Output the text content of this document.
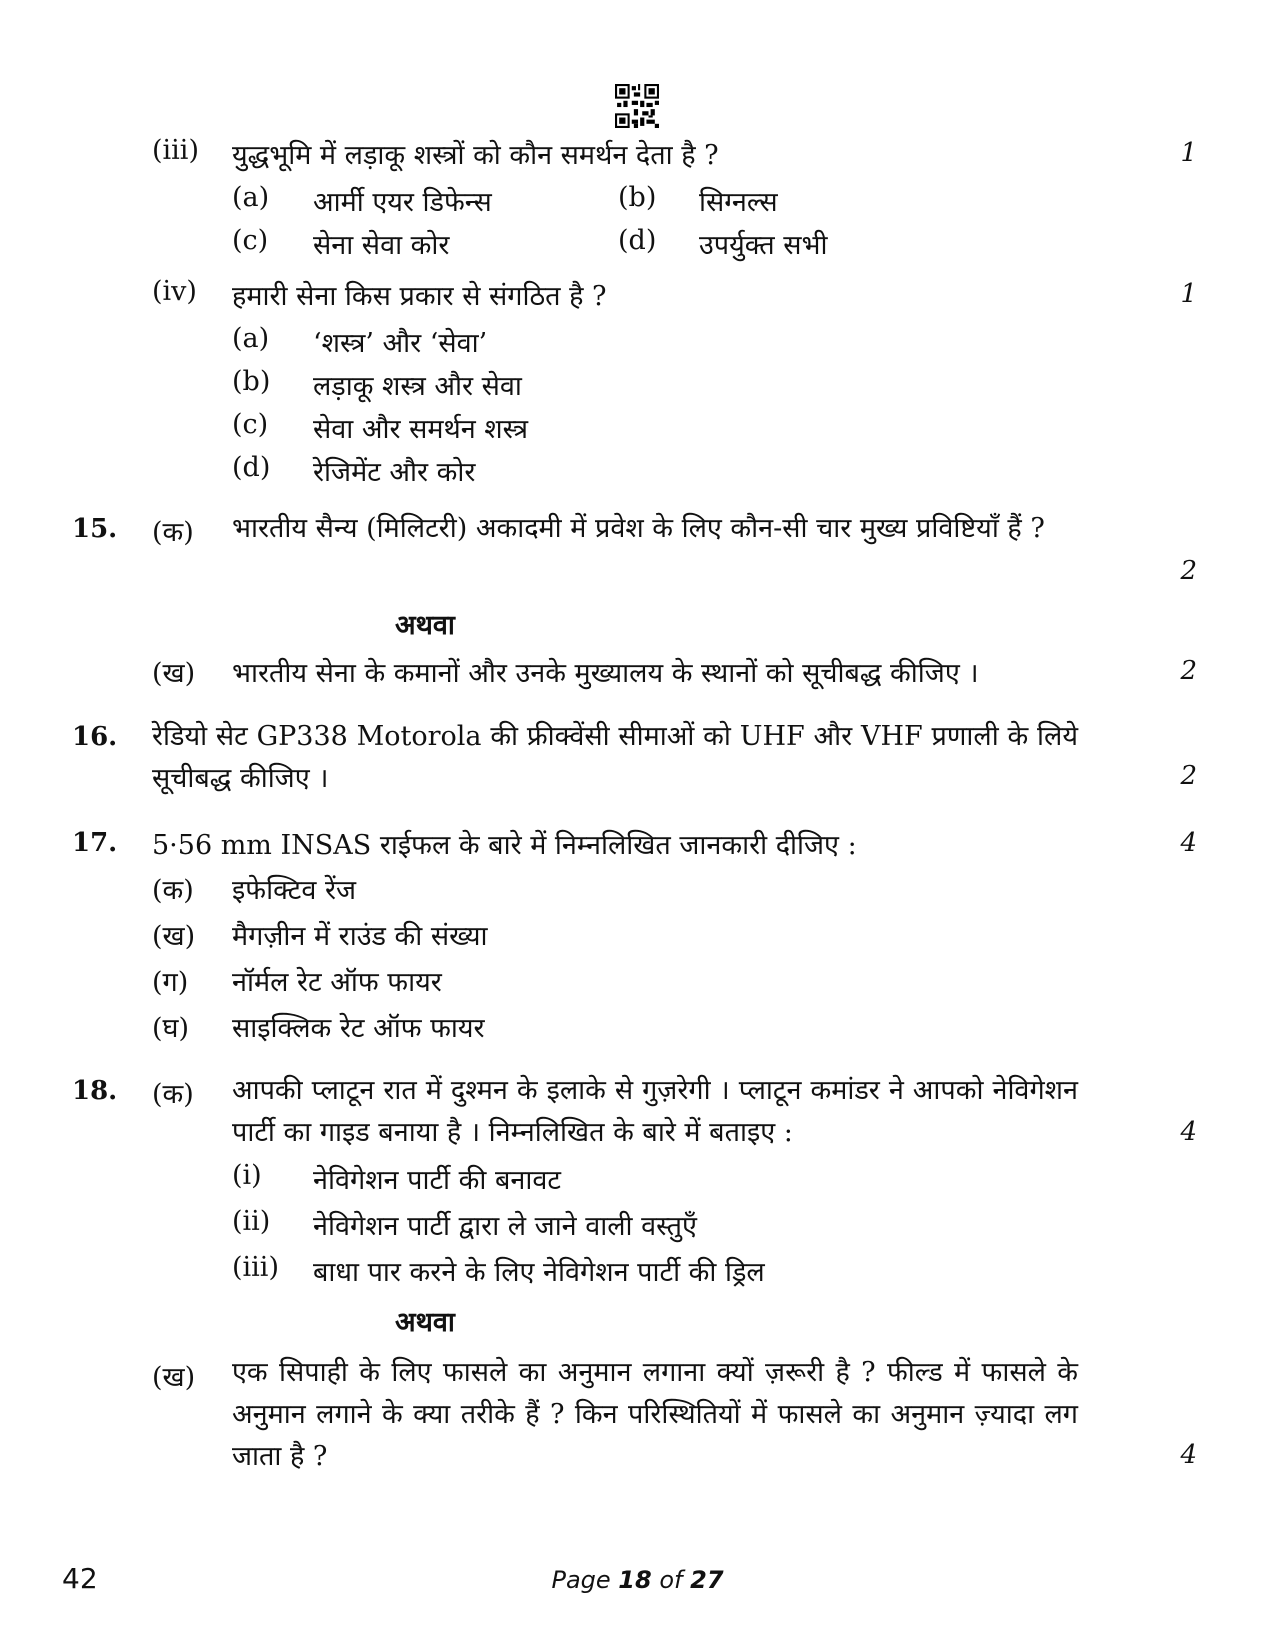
(iii) युद्धभूमि में लड़ाकू शस्त्रों को कौन समर्थन देता है ?	1
(a) आर्मी एयर डिफेन्स	(b) सिग्नल्स
(c) सेना सेवा कोर	(d) उपर्युक्त सभी
(iv) हमारी सेना किस प्रकार से संगठित है ?	1
(a) ‘शस्त्र’ और ‘सेवा’
(b) लड़ाकू शस्त्र और सेवा
(c) सेवा और समर्थन शस्त्र
(d) रेजिमेंट और कोर
15. (क) भारतीय सैन्य (मिलिटरी) अकादमी में प्रवेश के लिए कौन-सी चार मुख्य प्रविष्टियाँ हैं ?
2
अथवा
(ख) भारतीय सेना के कमानों और उनके मुख्यालय के स्थानों को सूचीबद्ध कीजिए ।	2
16. रेडियो सेट GP338 Motorola की फ्रीक्वेंसी सीमाओं को UHF और VHF प्रणाली के लिये सूचीबद्ध कीजिए ।	2
17. 5·56 mm INSAS राईफल के बारे में निम्नलिखित जानकारी दीजिए :	4
(क) इफेक्टिव रेंज
(ख) मैगज़ीन में राउंड की संख्या
(ग) नॉर्मल रेट ऑफ फायर
(घ) साइक्लिक रेट ऑफ फायर
18. (क) आपकी प्लाटून रात में दुश्मन के इलाके से गुज़रेगी । प्लाटून कमांडर ने आपको नेविगेशन पार्टी का गाइड बनाया है । निम्नलिखित के बारे में बताइए :	4
(i) नेविगेशन पार्टी की बनावट
(ii) नेविगेशन पार्टी द्वारा ले जाने वाली वस्तुएँ
(iii) बाधा पार करने के लिए नेविगेशन पार्टी की ड्रिल
अथवा
(ख) एक सिपाही के लिए फासले का अनुमान लगाना क्यों ज़रूरी है ? फील्ड में फासले के अनुमान लगाने के क्या तरीके हैं ? किन परिस्थितियों में फासले का अनुमान ज़्यादा लग जाता है ?	4
42	Page 18 of 27
